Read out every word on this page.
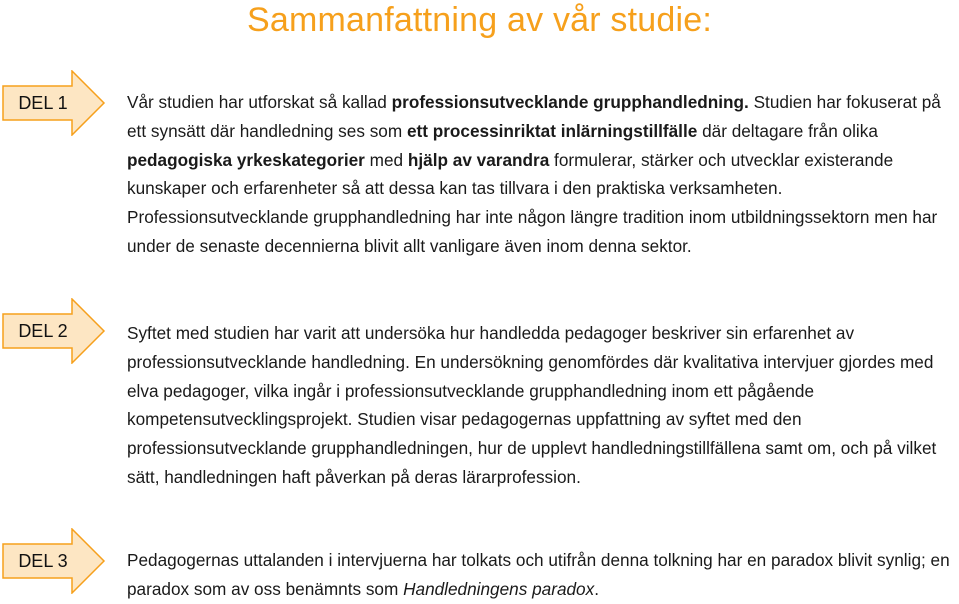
Sammanfattning av vår studie:
DEL 1	Vår studien har utforskat så kallad professionsutvecklande grupphandledning. Studien har fokuserat på ett synsätt där handledning ses som ett processinriktat inlärningstillfälle där deltagare från olika pedagogiska yrkeskategorier med hjälp av varandra formulerar, stärker och utvecklar existerande kunskaper och erfarenheter så att dessa kan tas tillvara i den praktiska verksamheten. Professionsutvecklande grupphandledning har inte någon längre tradition inom utbildningssektorn men har under de senaste decennierna blivit allt vanligare även inom denna sektor.
DEL 2	Syftet med studien har varit att undersöka hur handledda pedagoger beskriver sin erfarenhet av professionsutvecklande handledning. En undersökning genomfördes där kvalitativa intervjuer gjordes med elva pedagoger, vilka ingår i professionsutvecklande grupphandledning inom ett pågående kompetensutvecklingsprojekt. Studien visar pedagogernas uppfattning av syftet med den professionsutvecklande grupphandledningen, hur de upplevt handledningstillfällena samt om, och på vilket sätt, handledningen haft påverkan på deras lärarprofession.
DEL 3	Pedagogernas uttalanden i intervjuerna har tolkats och utifrån denna tolkning har en paradox blivit synlig; en paradox som av oss benämnts som Handledningens paradox.
